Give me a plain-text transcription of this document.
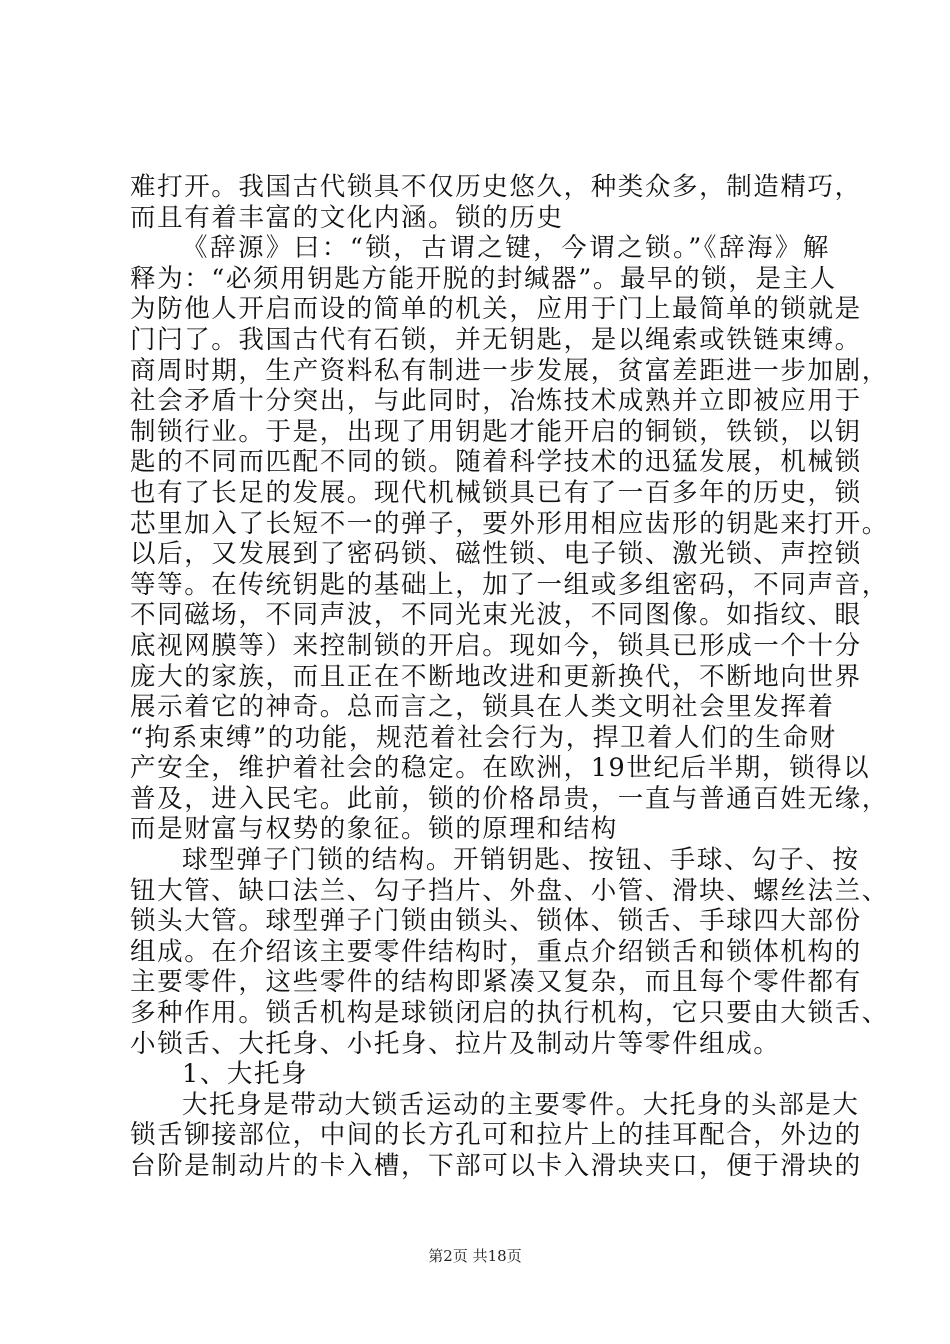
难打开。我国古代锁具不仅历史悠久，种类众多，制造精巧，
而且有着丰富的文化内涵。锁的历史
《辞源》曰：“锁，古谓之键，今谓之锁。”《辞海》解
释为：“必须用钥匙方能开脱的封缄器”。最早的锁，是主人
为防他人开启而设的简单的机关，应用于门上最简单的锁就是
门闩了。我国古代有石锁，并无钥匙，是以绳索或铁链束缚。
商周时期，生产资料私有制进一步发展，贫富差距进一步加剧，
社会矛盾十分突出，与此同时，冶炼技术成熟并立即被应用于
制锁行业。于是，出现了用钥匙才能开启的铜锁，铁锁，以钥
匙的不同而匹配不同的锁。随着科学技术的迅猛发展，机械锁
也有了长足的发展。现代机械锁具已有了一百多年的历史，锁
芯里加入了长短不一的弹子，要外形用相应齿形的钥匙来打开。
以后，又发展到了密码锁、磁性锁、电子锁、激光锁、声控锁
等等。在传统钥匙的基础上，加了一组或多组密码，不同声音，
不同磁场，不同声波，不同光束光波，不同图像。如指纹、眼
底视网膜等）来控制锁的开启。现如今，锁具已形成一个十分
庞大的家族，而且正在不断地改进和更新换代，不断地向世界
展示着它的神奇。总而言之，锁具在人类文明社会里发挥着
“拘系束缚”的功能，规范着社会行为，捍卫着人们的生命财
产安全，维护着社会的稳定。在欧洲，19世纪后半期，锁得以
普及，进入民宅。此前，锁的价格昂贵，一直与普通百姓无缘，
而是财富与权势的象征。锁的原理和结构
球型弹子门锁的结构。开销钥匙、按钮、手球、勾子、按
钮大管、缺口法兰、勾子挡片、外盘、小管、滑块、螺丝法兰、
锁头大管。球型弹子门锁由锁头、锁体、锁舌、手球四大部份
组成。在介绍该主要零件结构时，重点介绍锁舌和锁体机构的
主要零件，这些零件的结构即紧凑又复杂，而且每个零件都有
多种作用。锁舌机构是球锁闭启的执行机构，它只要由大锁舌、
小锁舌、大托身、小托身、拉片及制动片等零件组成。
1、大托身
大托身是带动大锁舌运动的主要零件。大托身的头部是大
锁舌铆接部位，中间的长方孔可和拉片上的挂耳配合，外边的
台阶是制动片的卡入槽，下部可以卡入滑块夹口，便于滑块的
第2页 共18页
